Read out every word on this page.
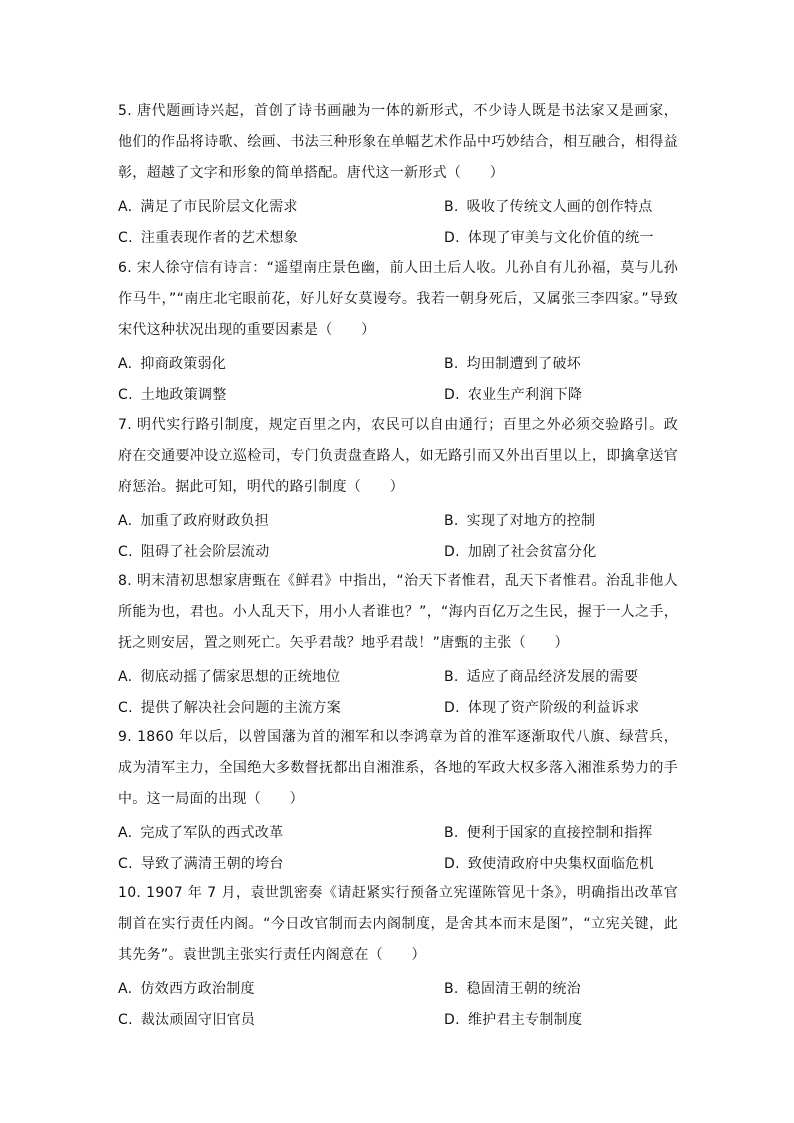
5. 唐代题画诗兴起，首创了诗书画融为一体的新形式，不少诗人既是书法家又是画家，他们的作品将诗歌、绘画、书法三种形象在单幅艺术作品中巧妙结合，相互融合，相得益彰，超越了文字和形象的简单搭配。唐代这一新形式（　　）

A. 满足了市民阶层文化需求	B. 吸收了传统文人画的创作特点
C. 注重表现作者的艺术想象	D. 体现了审美与文化价值的统一

6. 宋人徐守信有诗言：“遥望南庄景色幽，前人田土后人收。儿孙自有儿孙福，莫与儿孙作马牛，”“南庄北宅眼前花，好儿好女莫谩夸。我若一朝身死后，又属张三李四家。”导致宋代这种状况出现的重要因素是（　　）

A. 抑商政策弱化	B. 均田制遭到了破坏
C. 土地政策调整	D. 农业生产利润下降

7. 明代实行路引制度，规定百里之内，农民可以自由通行；百里之外必须交验路引。政府在交通要冲设立巡检司，专门负责盘查路人，如无路引而又外出百里以上，即擒拿送官府惩治。据此可知，明代的路引制度（　　）

A. 加重了政府财政负担	B. 实现了对地方的控制
C. 阻碍了社会阶层流动	D. 加剧了社会贫富分化

8. 明末清初思想家唐甄在《鲜君》中指出，“治天下者惟君，乱天下者惟君。治乱非他人所能为也，君也。小人乱天下，用小人者谁也？”，“海内百亿万之生民，握于一人之手，抚之则安居，置之则死亡。矢乎君哉？地乎君哉！”唐甄的主张（　　）

A. 彻底动摇了儒家思想的正统地位	B. 适应了商品经济发展的需要
C. 提供了解决社会问题的主流方案	D. 体现了资产阶级的利益诉求

9. 1860 年以后，以曾国藩为首的湘军和以李鸿章为首的淮军逐渐取代八旗、绿营兵，成为清军主力，全国绝大多数督抚都出自湘淮系，各地的军政大权多落入湘淮系势力的手中。这一局面的出现（　　）

A. 完成了军队的西式改革	B. 便利于国家的直接控制和指挥
C. 导致了满清王朝的垮台	D. 致使清政府中央集权面临危机

10. 1907 年 7 月，袁世凯密奏《请赶紧实行预备立宪谨陈管见十条》，明确指出改革官制首在实行责任内阁。“今日改官制而去内阁制度，是舍其本而末是图”，“立宪关键，此其先务”。袁世凯主张实行责任内阁意在（　　）

A. 仿效西方政治制度	B. 稳固清王朝的统治
C. 裁汰顽固守旧官员	D. 维护君主专制制度
